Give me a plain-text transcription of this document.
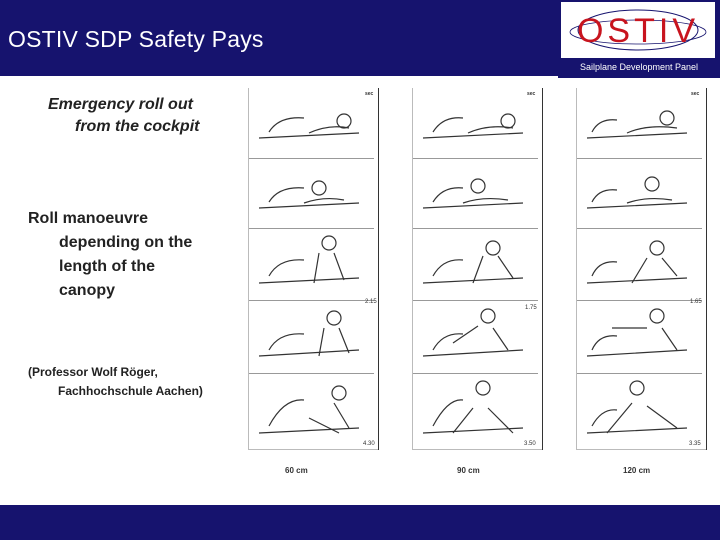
OSTIV SDP Safety Pays	OSTIV
Sailplane Development Panel
Emergency roll out
from the cockpit
Roll manoeuvre
depending on the
length of the
canopy
(Professor Wolf Röger,
Fachhochschule Aachen)
sec
2.15
4.30
60 cm
sec
1.75
3.50
90 cm
sec
1.65
3.35
120 cm
